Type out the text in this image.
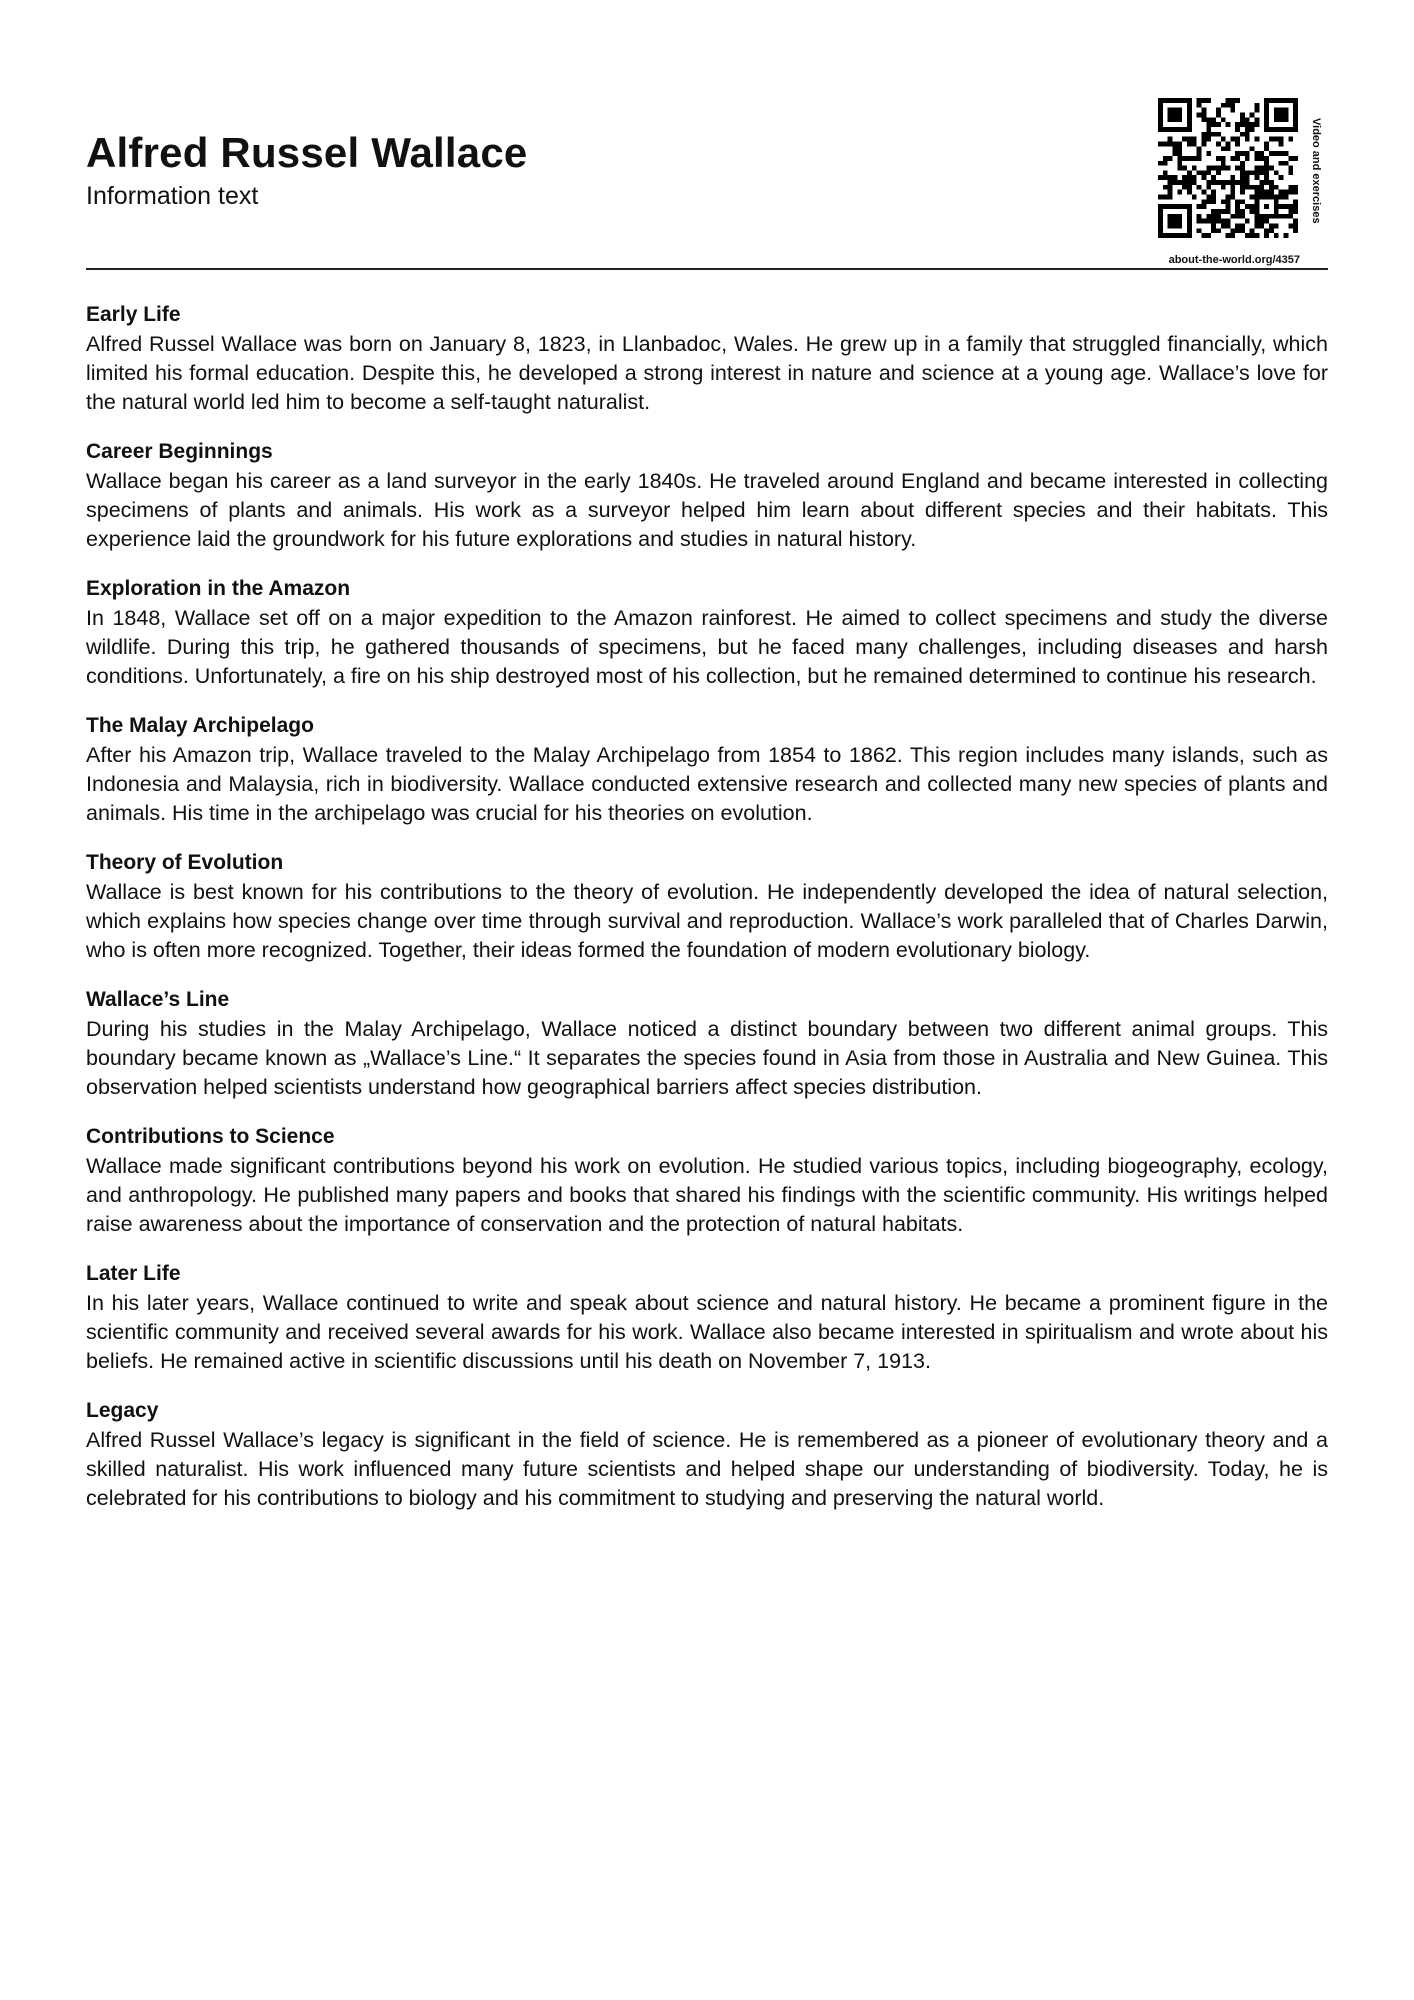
Alfred Russel Wallace
Information text	Video and exercises
about-the-world.org/4357
Early Life

Alfred Russel Wallace was born on January 8, 1823, in Llanbadoc, Wales. He grew up in a family that struggled financially, which limited his formal education. Despite this, he developed a strong interest in nature and science at a young age. Wallace’s love for the natural world led him to become a self-taught naturalist.

Career Beginnings

Wallace began his career as a land surveyor in the early 1840s. He traveled around England and became interested in collecting specimens of plants and animals. His work as a surveyor helped him learn about different species and their habitats. This experience laid the groundwork for his future explorations and studies in natural history.

Exploration in the Amazon

In 1848, Wallace set off on a major expedition to the Amazon rainforest. He aimed to collect specimens and study the diverse wildlife. During this trip, he gathered thousands of specimens, but he faced many challenges, including diseases and harsh conditions. Unfortunately, a fire on his ship destroyed most of his collection, but he remained determined to continue his research.

The Malay Archipelago

After his Amazon trip, Wallace traveled to the Malay Archipelago from 1854 to 1862. This region includes many islands, such as Indonesia and Malaysia, rich in biodiversity. Wallace conducted extensive research and collected many new species of plants and animals. His time in the archipelago was crucial for his theories on evolution.

Theory of Evolution

Wallace is best known for his contributions to the theory of evolution. He independently developed the idea of natural selection, which explains how species change over time through survival and reproduction. Wallace’s work paralleled that of Charles Darwin, who is often more recognized. Together, their ideas formed the foundation of modern evolutionary biology.

Wallace’s Line

During his studies in the Malay Archipelago, Wallace noticed a distinct boundary between two different animal groups. This boundary became known as „Wallace’s Line.“ It separates the species found in Asia from those in Australia and New Guinea. This observation helped scientists understand how geographical barriers affect species distribution.

Contributions to Science

Wallace made significant contributions beyond his work on evolution. He studied various topics, including biogeography, ecology, and anthropology. He published many papers and books that shared his findings with the scientific community. His writings helped raise awareness about the importance of conservation and the protection of natural habitats.

Later Life

In his later years, Wallace continued to write and speak about science and natural history. He became a prominent figure in the scientific community and received several awards for his work. Wallace also became interested in spiritualism and wrote about his beliefs. He remained active in scientific discussions until his death on November 7, 1913.

Legacy

Alfred Russel Wallace’s legacy is significant in the field of science. He is remembered as a pioneer of evolutionary theory and a skilled naturalist. His work influenced many future scientists and helped shape our understanding of biodiversity. Today, he is celebrated for his contributions to biology and his commitment to studying and preserving the natural world.
